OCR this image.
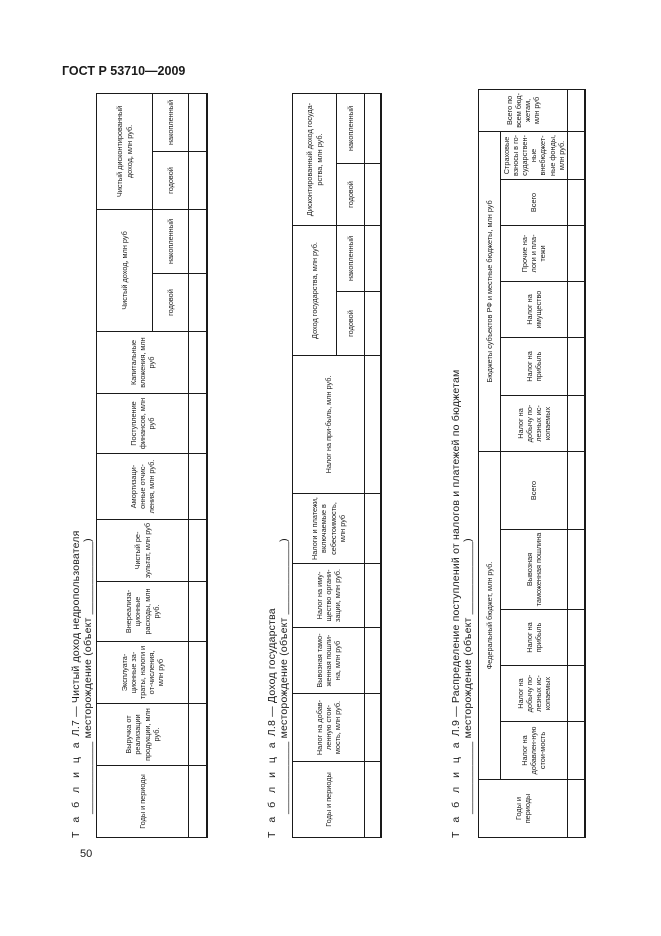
ГОСТ Р 53710—2009
Т а б л и ц а Л.7 — Чистый доход недропользователя ____________ месторождение (объект ____________)	Годы и периоды	Выручка от реализации продукции, млн руб.	Эксплуата-ционные за-траты, налоги и от-числения, млн руб	Внереализа-ционные расходы, млн руб.	Чистый ре-зультат, млн руб	Амортизаци-онные отчис-ления, млн руб.	Поступление финансов, млн руб	Капитальные вложения, млн руб	Чистый доход, млн руб		Чистый дисконтированный доход, млн руб.	
								годовой	накопленный	годовой	накопленный

Т а б л и ц а Л.8 — Доход государства ____________ месторождение (объект ____________)	Годы и периоды	Налог на добав-ленную стои-мость, млн руб.	Вывозная тамо-женная пошли-на, млн руб	Налог на иму-щество органи-зации, млн руб.	Налоги и платежи, включаемые в себестоимость, млн руб	Налог на при-быль, млн руб.	Доход государства, млн руб.		Дисконтированный доход госуда-рства, млн руб.	
						годовой	накопленный	годовой	накопленный

Т а б л и ц а Л.9 — Распределение поступлений от налогов и платежей по бюджетам ____________ месторождение (объект ____________)	Годы и периоды	Федеральный бюджет, млн руб.					Бюджеты субъектов РФ и местные бюджеты, млн руб						Всего по всем бюд-жетам, млн руб
	Налог на добавлен-ную стои-мость	Налог на добычу по-лезных ис-копаемых	Налог на прибыль	Вывозная таможенная пошлина	Всего	Налог на добычу по-лезных ис-копаемых	Налог на прибыль	Налог на имущество	Прочие на-логи и пла-тежи	Всего	Страховые взносы в го-сударствен-ные внебюджет-ные фонды, млн руб.	

50
